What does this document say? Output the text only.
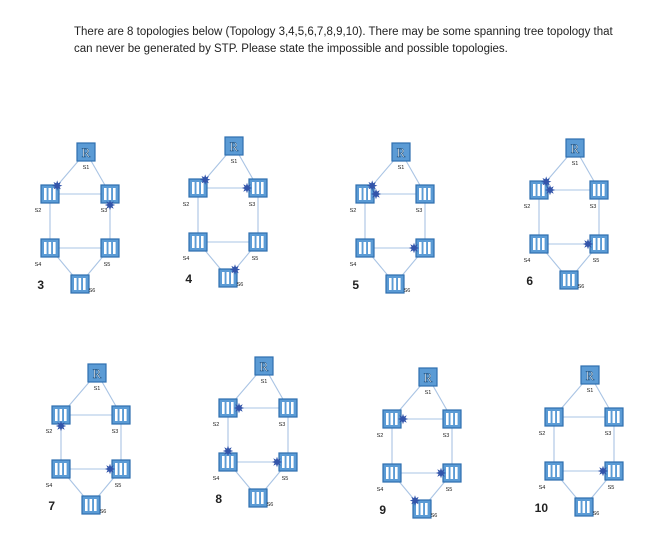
There are 8 topologies below (Topology 3,4,5,6,7,8,9,10). There may be some spanning tree topology that can never be generated by STP. Please state the impossible and possible topologies.

R
S1
S2	S3
S4	S5
S6
3
R
S1
S2	S3
S4	S5
S6
4
R
S1
S2	S3
S4
S6
5
R
S1
S2	S3
S4	S5
S6
6
R
S1
S2	S3
S4	S5
S6
7
R
S1
S2	S3
S4	S5
S6
8
R
S1
S2	S3
S4	S5
S6
9
R
S1
S2	S3
S4	S5
S6
10
